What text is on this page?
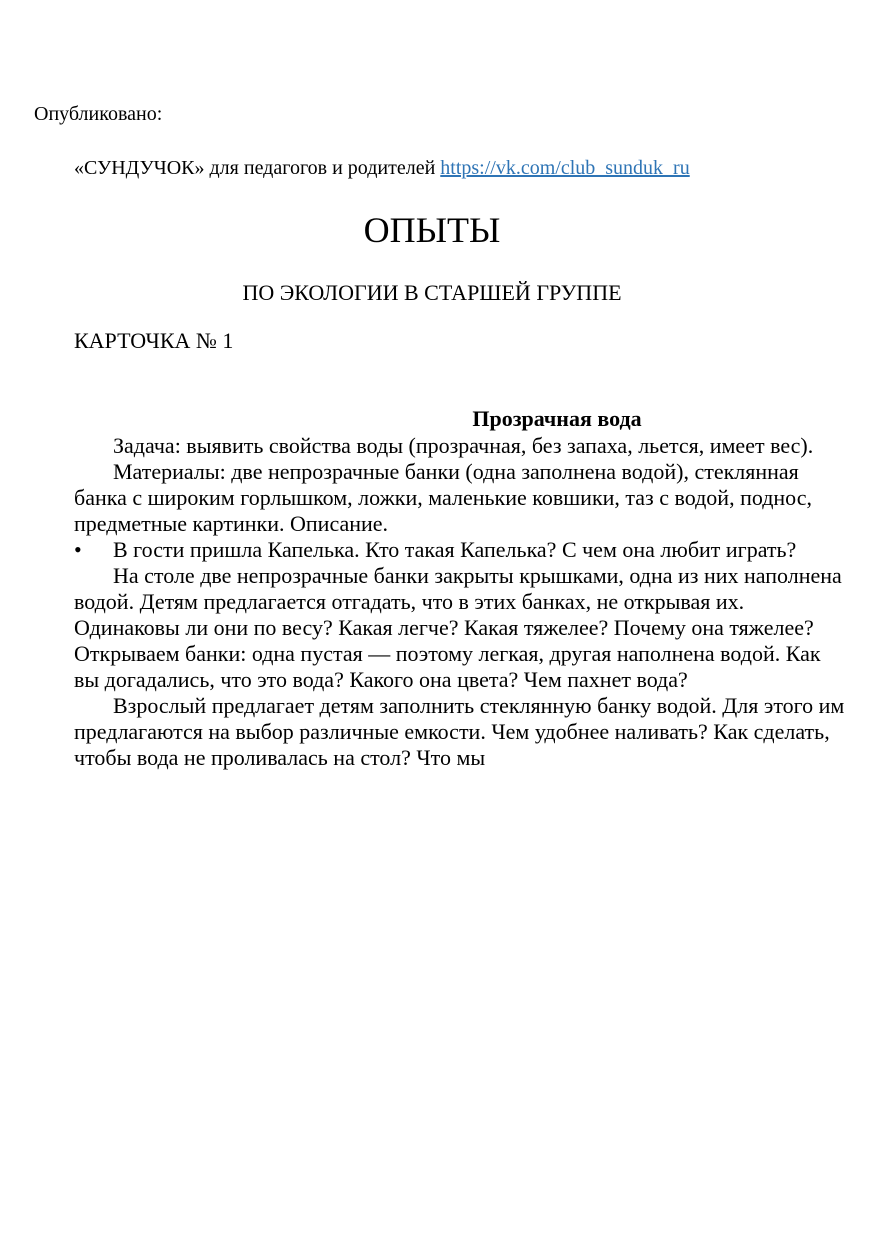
Опубликовано:

«СУНДУЧОК» для педагогов и родителей https://vk.com/club_sunduk_ru

ОПЫТЫ
ПО ЭКОЛОГИИ В СТАРШЕЙ ГРУППЕ
КАРТОЧКА № 1

Прозрачная вода

Задача: выявить свойства воды (прозрачная, без запаха, льется, имеет вес).

Материалы: две непрозрачные банки (одна заполнена водой), стеклянная банка с широким горлышком, ложки, маленькие ковшики, таз с водой, поднос, предметные картинки. Описание.

•	В гости пришла Капелька. Кто такая Капелька? С чем она любит играть?

На столе две непрозрачные банки закрыты крышками, одна из них наполнена водой. Детям предлагается отгадать, что в этих банках, не открывая их. Одинаковы ли они по весу? Какая легче? Какая тяжелее? Почему она тяжелее? Открываем банки: одна пустая — поэтому легкая, другая наполнена водой. Как вы догадались, что это вода? Какого она цвета? Чем пахнет вода?

Взрослый предлагает детям заполнить стеклянную банку водой. Для этого им предлагаются на выбор различные емкости. Чем удобнее наливать? Как сделать, чтобы вода не проливалась на стол? Что мы
